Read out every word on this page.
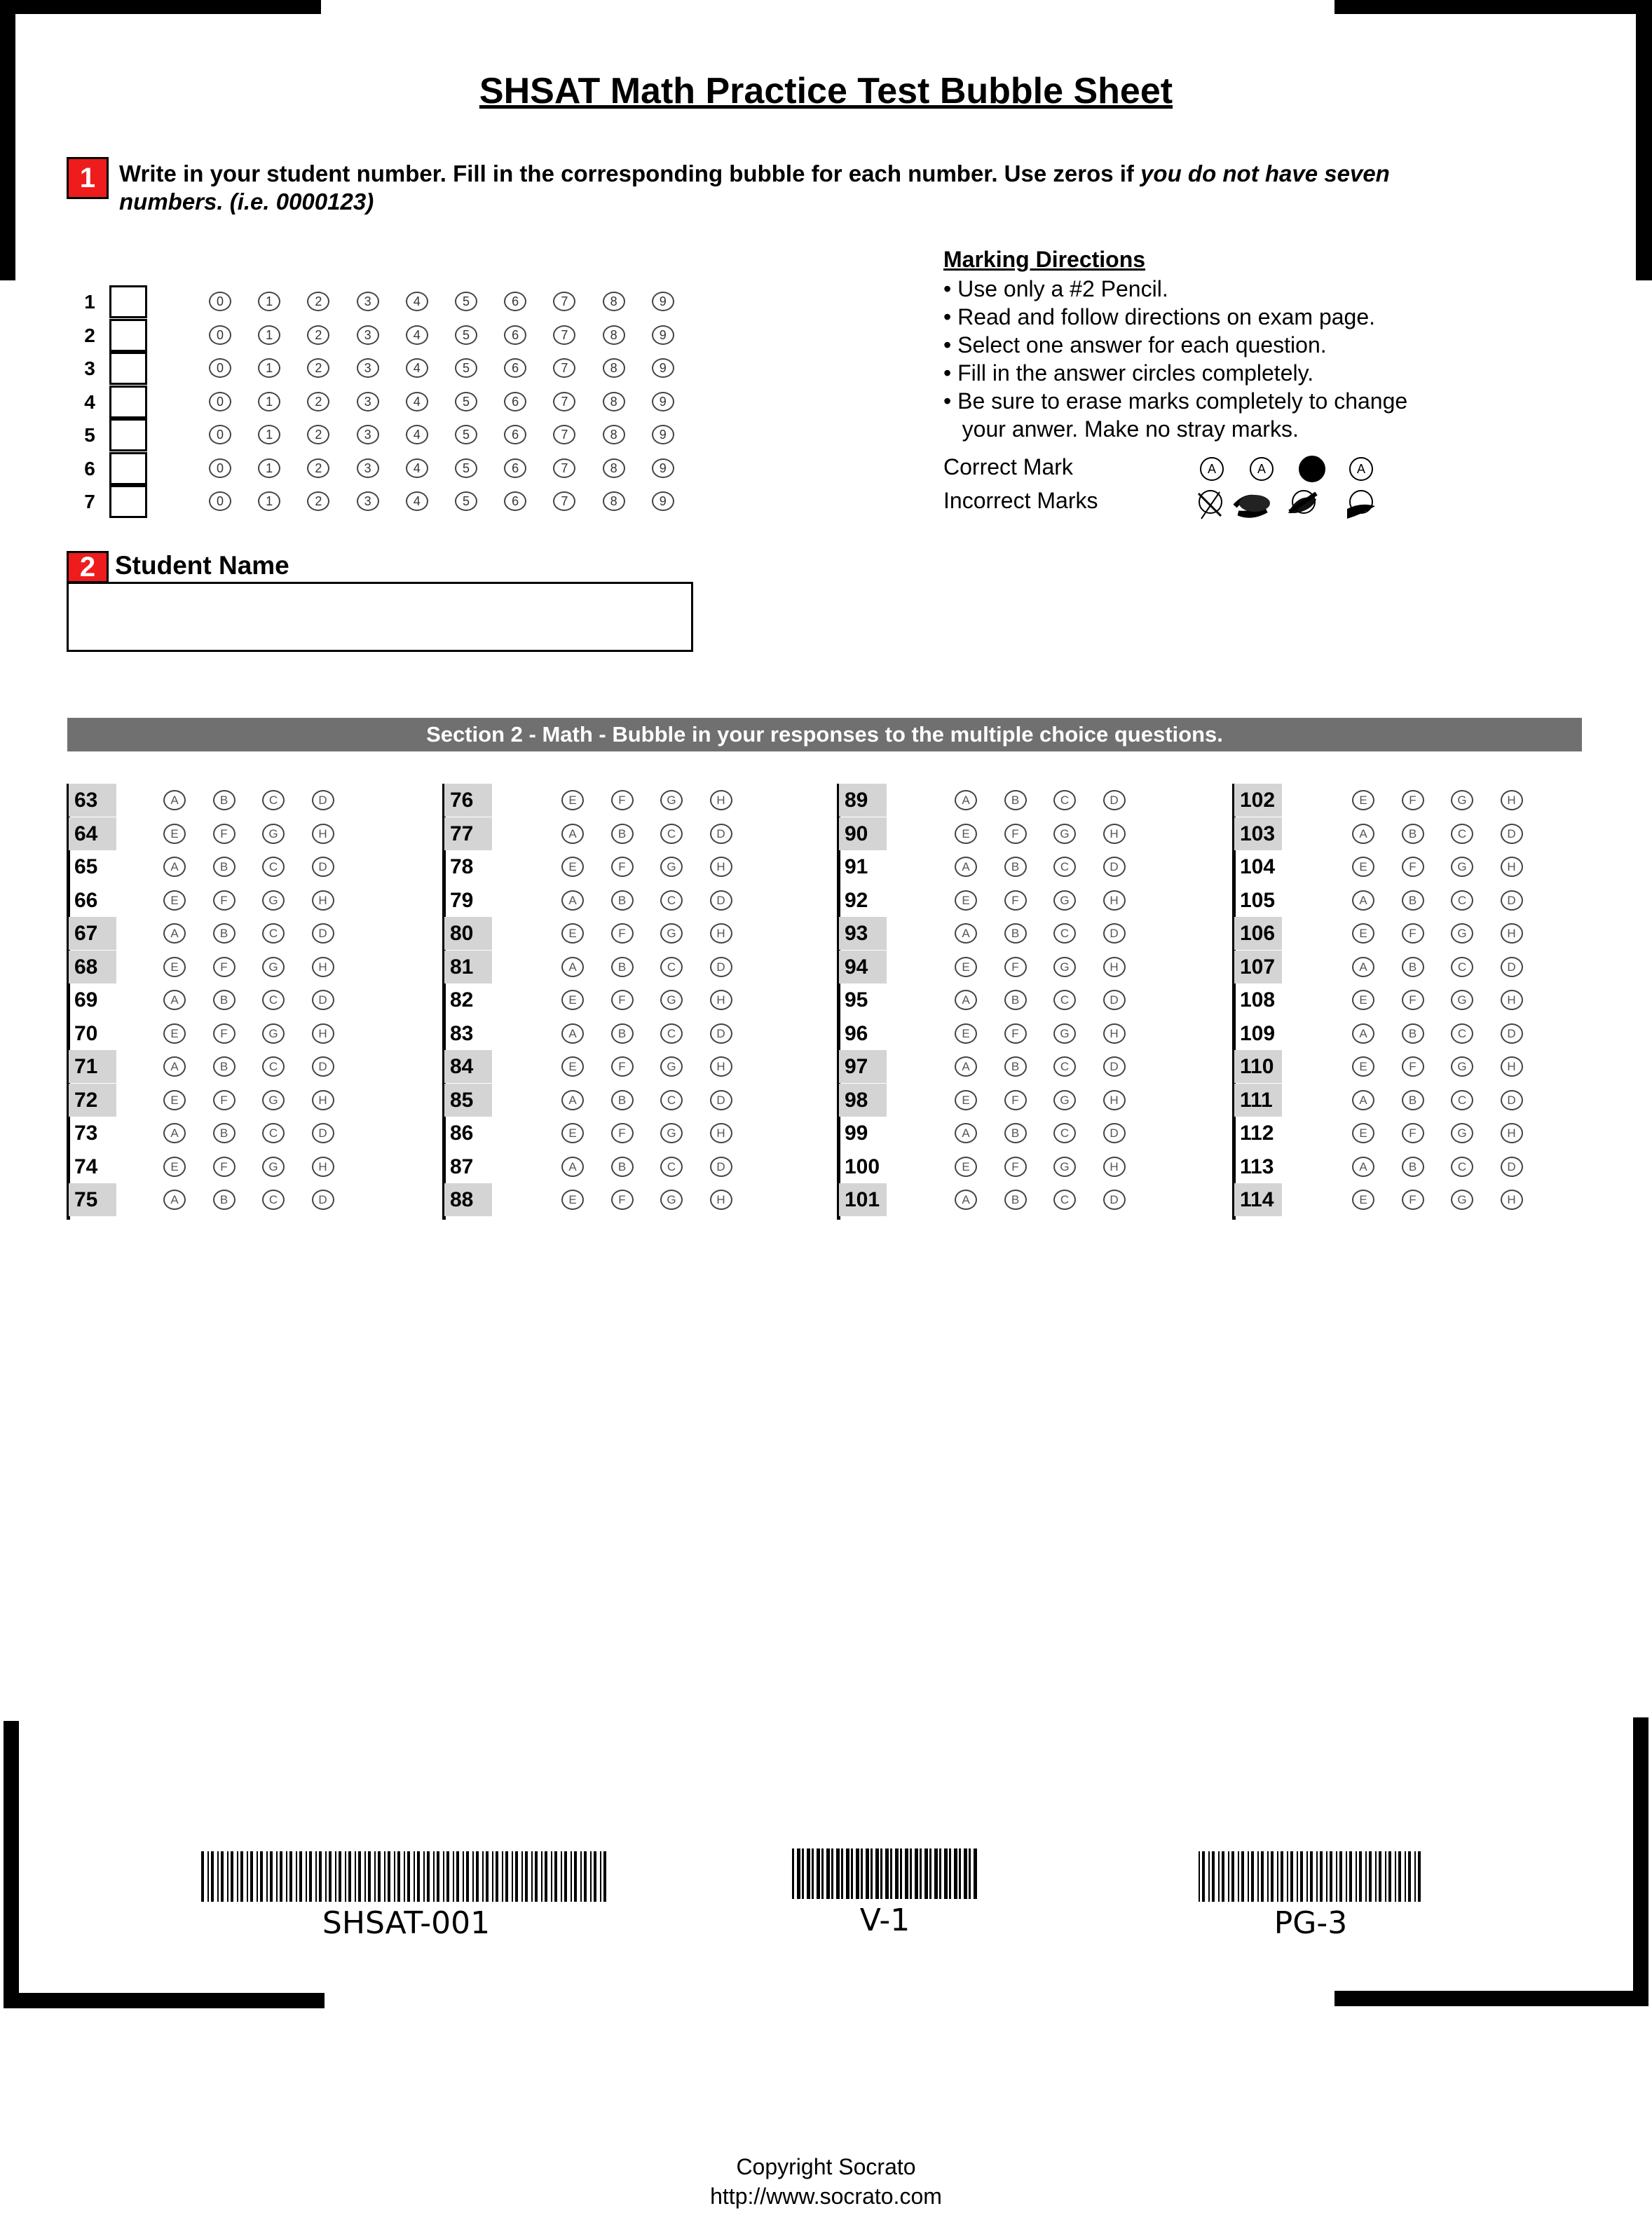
SHSAT Math Practice Test Bubble Sheet
1	Write in your student number. Fill in the corresponding bubble for each number. Use zeros if you do not have seven numbers. (i.e. 0000123)
1	0	1	2	3	4	5	6	7	8	9
2	0	1	2	3	4	5	6	7	8	9
3	0	1	2	3	4	5	6	7	8	9
4	0	1	2	3	4	5	6	7	8	9
5	0	1	2	3	4	5	6	7	8	9
6	0	1	2	3	4	5	6	7	8	9
7	0	1	2	3	4	5	6	7	8	9
Marking Directions
• Use only a #2 Pencil.
• Read and follow directions on exam page.
• Select one answer for each question.
• Fill in the answer circles completely.
• Be sure to erase marks completely to change
your anwer. Make no stray marks.
Correct Mark
Incorrect Marks
A	A	A
2 Student Name
Section 2 - Math - Bubble in your responses to the multiple choice questions.
63	A	B	C	D
64	E	F	G	H
65	A	B	C	D
66	E	F	G	H
67	A	B	C	D
68	E	F	G	H
69	A	B	C	D
70	E	F	G	H
71	A	B	C	D
72	E	F	G	H
73	A	B	C	D
74	E	F	G	H
75	A	B	C	D
76	E	F	G	H
77	A	B	C	D
78	E	F	G	H
79	A	B	C	D
80	E	F	G	H
81	A	B	C	D
82	E	F	G	H
83	A	B	C	D
84	E	F	G	H
85	A	B	C	D
86	E	F	G	H
87	A	B	C	D
88	E	F	G	H
89	A	B	C	D
90	E	F	G	H
91	A	B	C	D
92	E	F	G	H
93	A	B	C	D
94	E	F	G	H
95	A	B	C	D
96	E	F	G	H
97	A	B	C	D
98	E	F	G	H
99	A	B	C	D
100	E	F	G	H
101	A	B	C	D
102	E	F	G	H
103	A	B	C	D
104	E	F	G	H
105	A	B	C	D
106	E	F	G	H
107	A	B	C	D
108	E	F	G	H
109	A	B	C	D
110	E	F	G	H
111	A	B	C	D
112	E	F	G	H
113	A	B	C	D
114	E	F	G	H
SHSAT-001	V-1	PG-3
Copyright Socrato
http://www.socrato.com
